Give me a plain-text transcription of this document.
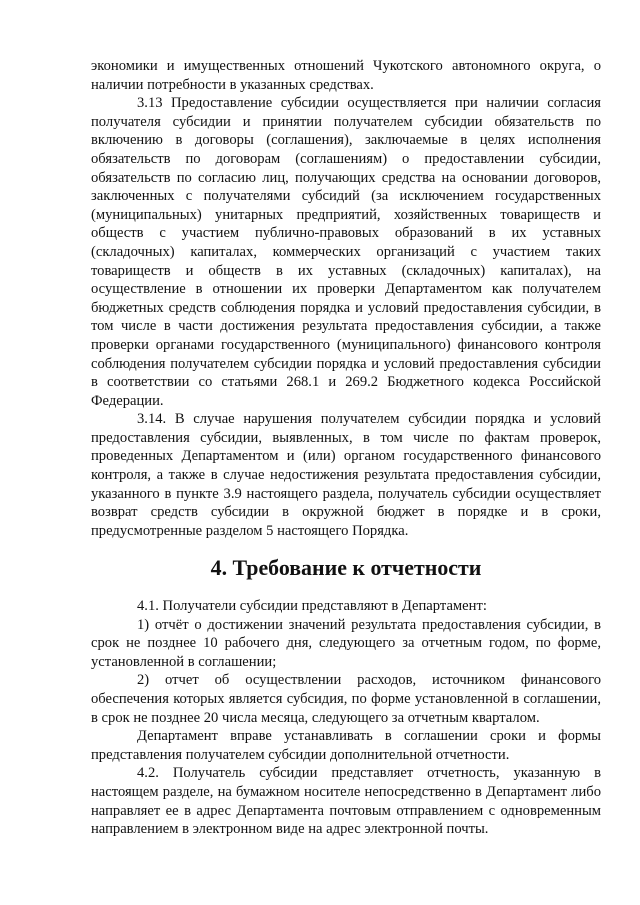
экономики и имущественных отношений Чукотского автономного округа, о наличии потребности в указанных средствах.

3.13 Предоставление субсидии осуществляется при наличии согласия получателя субсидии и принятии получателем субсидии обязательств по включению в договоры (соглашения), заключаемые в целях исполнения обязательств по договорам (соглашениям) о предоставлении субсидии, обязательств по согласию лиц, получающих средства на основании договоров, заключенных с получателями субсидий (за исключением государственных (муниципальных) унитарных предприятий, хозяйственных товариществ и обществ с участием публично-правовых образований в их уставных (складочных) капиталах, коммерческих организаций с участием таких товариществ и обществ в их уставных (складочных) капиталах), на осуществление в отношении их проверки Департаментом как получателем бюджетных средств соблюдения порядка и условий предоставления субсидии, в том числе в части достижения результата предоставления субсидии, а также проверки органами государственного (муниципального) финансового контроля соблюдения получателем субсидии порядка и условий предоставления субсидии в соответствии со статьями 268.1 и 269.2 Бюджетного кодекса Российской Федерации.

3.14. В случае нарушения получателем субсидии порядка и условий предоставления субсидии, выявленных, в том числе по фактам проверок, проведенных Департаментом и (или) органом государственного финансового контроля, а также в случае недостижения результата предоставления субсидии, указанного в пункте 3.9 настоящего раздела, получатель субсидии осуществляет возврат средств субсидии в окружной бюджет в порядке и в сроки, предусмотренные разделом 5 настоящего Порядка.

4. Требование к отчетности

4.1. Получатели субсидии представляют в Департамент:

1) отчёт о достижении значений результата предоставления субсидии, в срок не позднее 10 рабочего дня, следующего за отчетным годом, по форме, установленной в соглашении;

2) отчет об осуществлении расходов, источником финансового обеспечения которых является субсидия, по форме установленной в соглашении, в срок не позднее 20 числа месяца, следующего за отчетным кварталом.

Департамент вправе устанавливать в соглашении сроки и формы представления получателем субсидии дополнительной отчетности.

4.2. Получатель субсидии представляет отчетность, указанную в настоящем разделе, на бумажном носителе непосредственно в Департамент либо направляет ее в адрес Департамента почтовым отправлением с одновременным направлением в электронном виде на адрес электронной почты.
